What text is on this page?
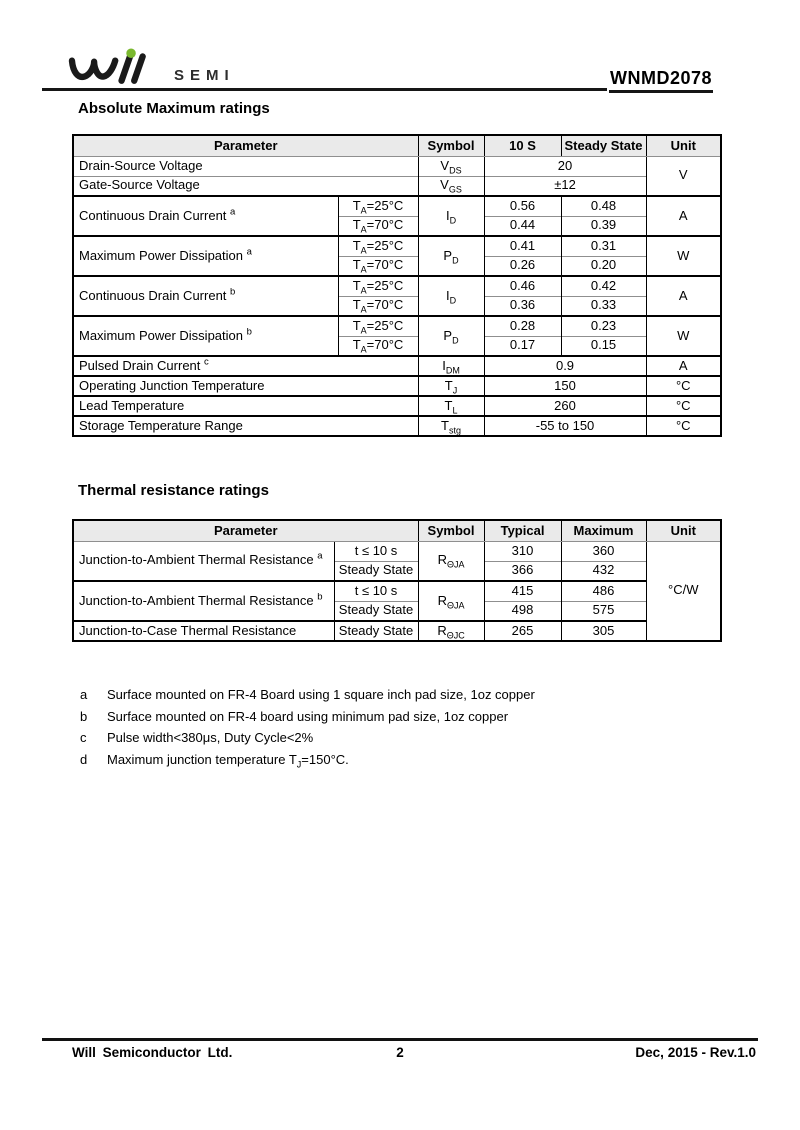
SEMI	WNMD2078
Absolute Maximum ratings
Parameter		Symbol	10 S	Steady State	Unit
Drain-Source Voltage		$V_{DS}$	20		V
Gate-Source Voltage		$V_{GS}$	±12		
Continuous Drain Current $^a$	$T_A=25^\circ C$	$I_D$	0.56	0.48	A
	$T_A=70^\circ C$		0.44	0.39	
Maximum Power Dissipation $^a$	$T_A=25^\circ C$	$P_D$	0.41	0.31	W
	$T_A=70^\circ C$		0.26	0.20	
Continuous Drain Current $^b$	$T_A=25^\circ C$	$I_D$	0.46	0.42	A
	$T_A=70^\circ C$		0.36	0.33	
Maximum Power Dissipation $^b$	$T_A=25^\circ C$	$P_D$	0.28	0.23	W
	$T_A=70^\circ C$		0.17	0.15	
Pulsed Drain Current $^c$		$I_{DM}$	0.9		A
Operating Junction Temperature		$T_J$	150		°C
Lead Temperature		$T_L$	260		°C
Storage Temperature Range		$T_{stg}$	-55 to 150		°C
Thermal resistance ratings
Parameter		Symbol	Typical	Maximum	Unit
Junction-to-Ambient Thermal Resistance $^a$	t ≤ 10 s	$R_{\Theta JA}$	310	360	°C/W
	Steady State		366	432	
Junction-to-Ambient Thermal Resistance $^b$	t ≤ 10 s	$R_{\Theta JA}$	415	486	
	Steady State		498	575	
Junction-to-Case Thermal Resistance	Steady State	$R_{\Theta JC}$	265	305	
a	Surface mounted on FR-4 Board using 1 square inch pad size, 1oz copper
b	Surface mounted on FR-4 board using minimum pad size, 1oz copper
c	Pulse width<380μs, Duty Cycle<2%
d	Maximum junction temperature $T_J=150^\circ C$.
Will Semiconductor Ltd.	2	Dec, 2015 - Rev.1.0
